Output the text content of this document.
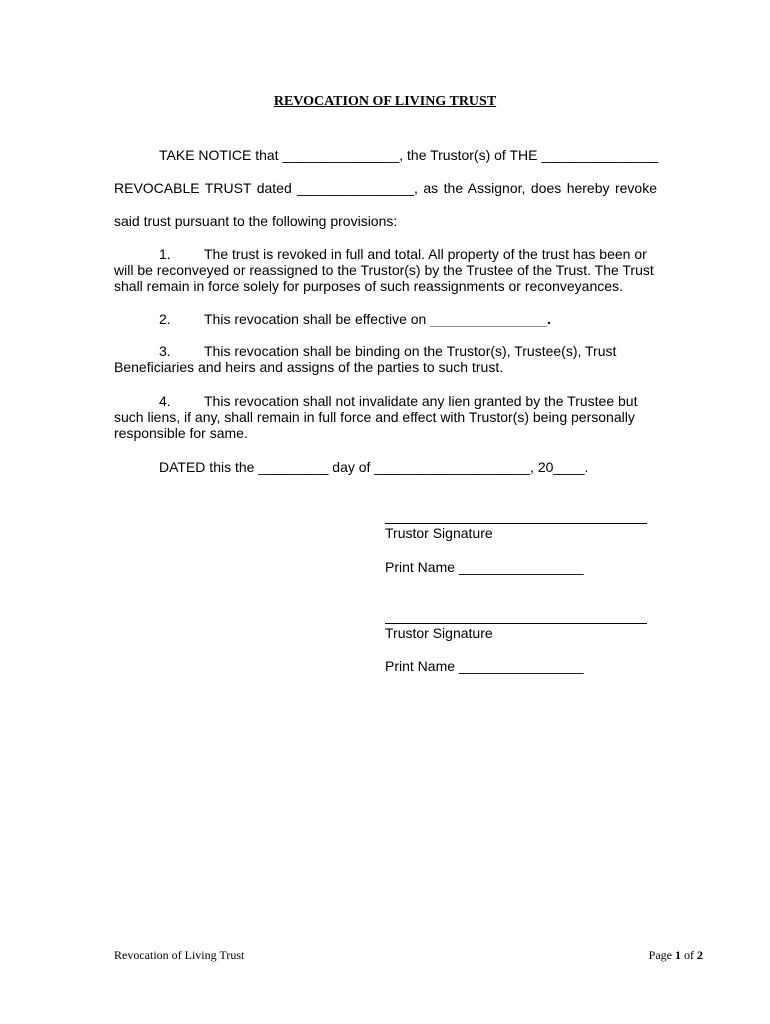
REVOCATION OF LIVING TRUST
TAKE NOTICE that _______________, the Trustor(s) of THE _______________
REVOCABLE TRUST dated _______________, as the Assignor, does hereby revoke
said trust pursuant to the following provisions:
1. The trust is revoked in full and total. All property of the trust has been or
will be reconveyed or reassigned to the Trustor(s) by the Trustee of the Trust. The Trust
shall remain in force solely for purposes of such reassignments or reconveyances.
2. This revocation shall be effective on _______________.
3. This revocation shall be binding on the Trustor(s), Trustee(s), Trust
Beneficiaries and heirs and assigns of the parties to such trust.
4. This revocation shall not invalidate any lien granted by the Trustee but
such liens, if any, shall remain in full force and effect with Trustor(s) being personally
responsible for same.
DATED this the _________ day of ____________________, 20____.
Trustor Signature
Print Name ________________
Trustor Signature
Print Name ________________
Revocation of Living Trust	Page 1 of 2
